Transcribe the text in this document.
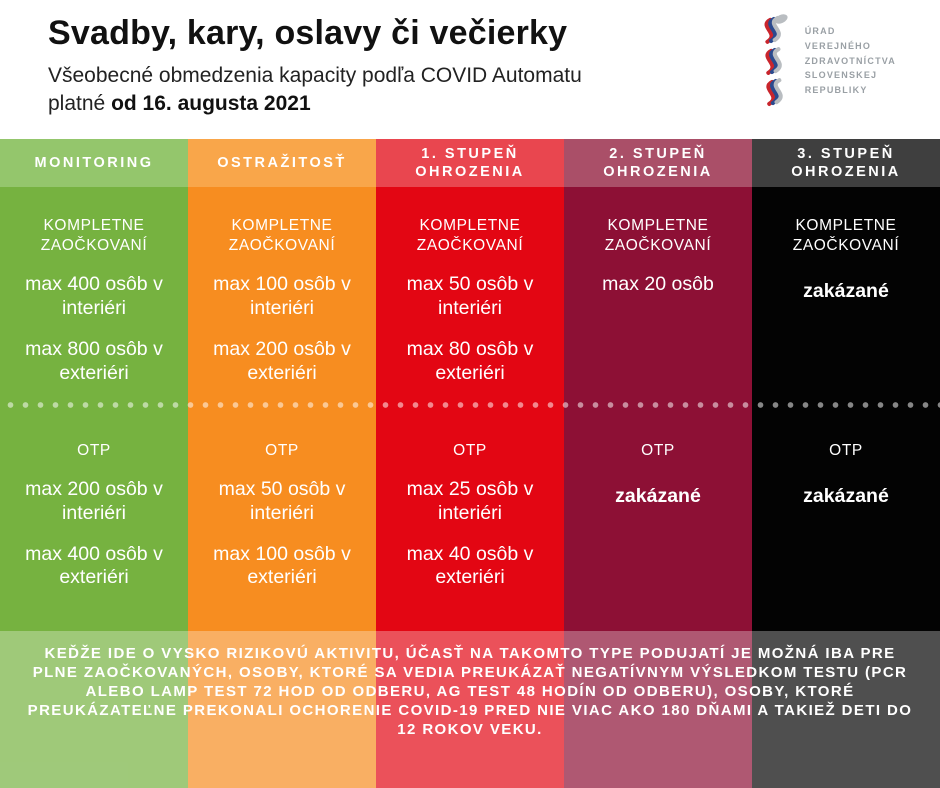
Svadby, kary, oslavy či večierky

Všeobecné obmedzenia kapacity podľa COVID Automatu
platné od 16. augusta 2021

ÚRAD
VEREJNÉHO
ZDRAVOTNÍCTVA
SLOVENSKEJ
REPUBLIKY
MONITORING

KOMPLETNE ZAOČKOVANÍ

max 400 osôb v interiéri

max 800 osôb v exteriéri

OTP

max 200 osôb v interiéri

max 400 osôb v exteriéri

OSTRAŽITOSŤ

KOMPLETNE ZAOČKOVANÍ

max 100 osôb v interiéri

max 200 osôb v exteriéri

OTP

max 50 osôb v interiéri

max 100 osôb v exteriéri

1. STUPEŇ OHROZENIA

KOMPLETNE ZAOČKOVANÍ

max 50 osôb v interiéri

max 80 osôb v exteriéri

OTP

max 25 osôb v interiéri

max 40 osôb v exteriéri

2. STUPEŇ OHROZENIA

KOMPLETNE ZAOČKOVANÍ

max 20 osôb

OTP

zakázané

3. STUPEŇ OHROZENIA

KOMPLETNE ZAOČKOVANÍ

zakázané

OTP

zakázané

KEĎŽE IDE O VYSKO RIZIKOVÚ AKTIVITU, ÚČASŤ NA TAKOMTO TYPE PODUJATÍ JE MOŽNÁ IBA PRE PLNE ZAOČKOVANÝCH, OSOBY, KTORÉ SA VEDIA PREUKÁZAŤ NEGATÍVNYM VÝSLEDKOM TESTU (PCR ALEBO LAMP TEST 72 HOD OD ODBERU, AG TEST 48 HODÍN OD ODBERU), OSOBY, KTORÉ PREUKÁZATEĽNE PREKONALI OCHORENIE COVID-19 PRED NIE VIAC AKO 180 DŇAMI A TAKIEŽ DETI DO 12 ROKOV VEKU.
